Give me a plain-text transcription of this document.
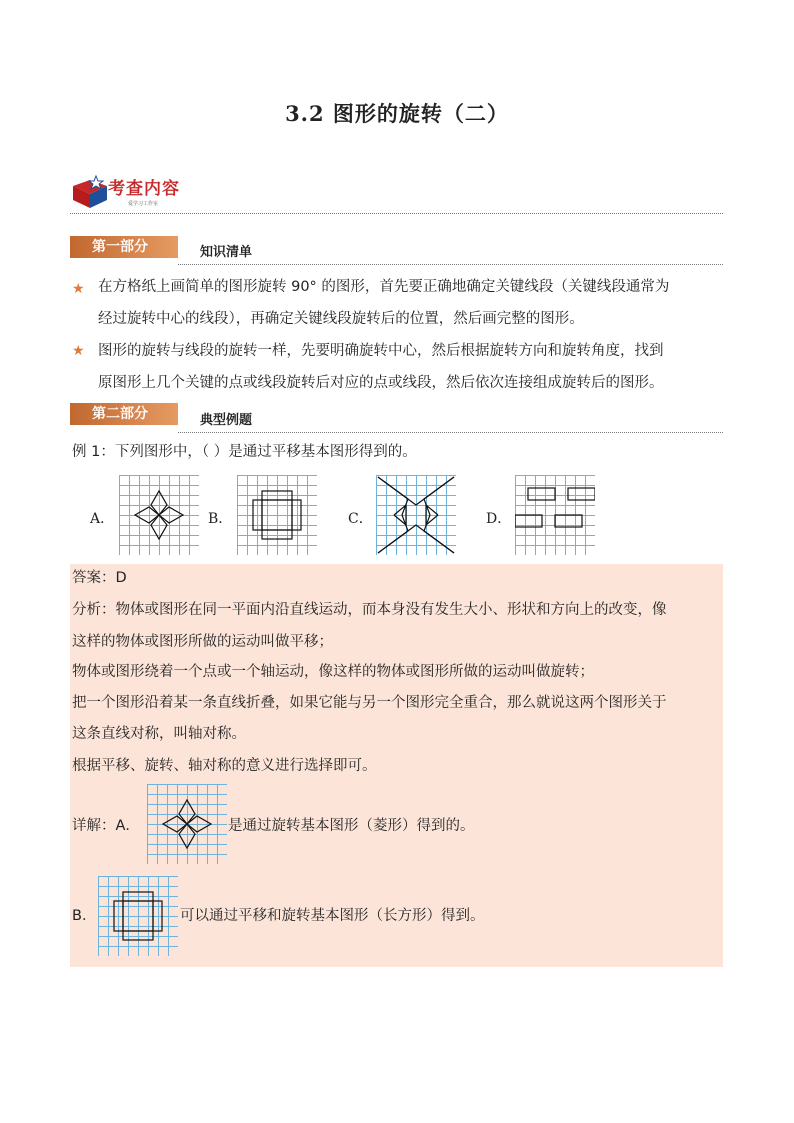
3.2 图形的旋转（二）
考查内容
爱学习工作室
第一部分	知识清单
★ 在方格纸上画简单的图形旋转 90° 的图形，首先要正确地确定关键线段（关键线段通常为
经过旋转中心的线段），再确定关键线段旋转后的位置，然后画完整的图形。
★ 图形的旋转与线段的旋转一样，先要明确旋转中心，然后根据旋转方向和旋转角度，找到
原图形上几个关键的点或线段旋转后对应的点或线段，然后依次连接组成旋转后的图形。
第二部分	典型例题
例 1：下列图形中，（ ）是通过平移基本图形得到的。
A．	B．	C．	D．
答案：D
分析：物体或图形在同一平面内沿直线运动，而本身没有发生大小、形状和方向上的改变，像
这样的物体或图形所做的运动叫做平移；
物体或图形绕着一个点或一个轴运动，像这样的物体或图形所做的运动叫做旋转；
把一个图形沿着某一条直线折叠，如果它能与另一个图形完全重合，那么就说这两个图形关于
这条直线对称，叫轴对称。
根据平移、旋转、轴对称的意义进行选择即可。
详解：A．	是通过旋转基本图形（菱形）得到的。
B．	可以通过平移和旋转基本图形（长方形）得到。
